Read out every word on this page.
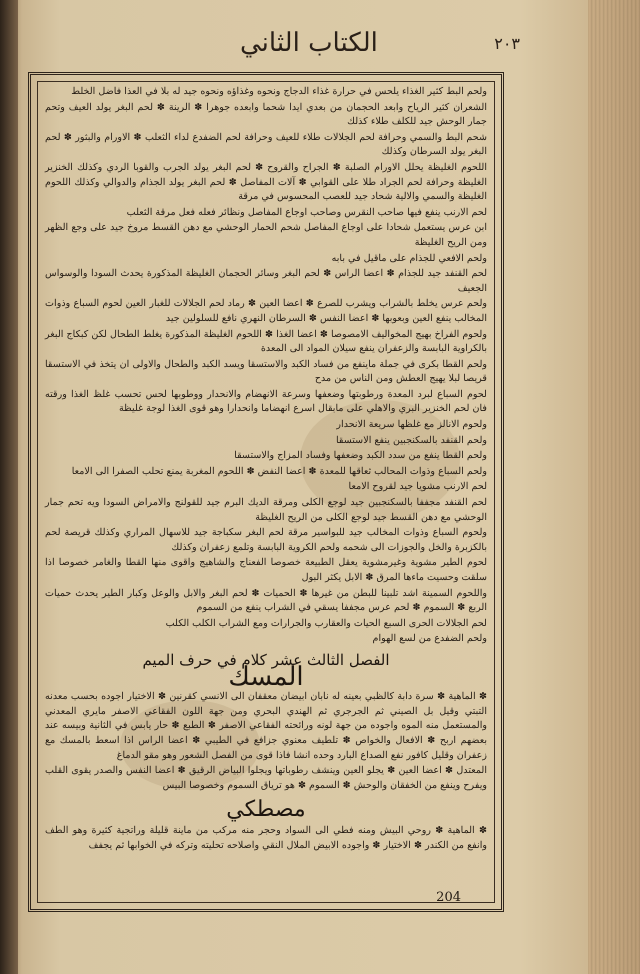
الكتاب الثاني	٢٠٣

ولحم البط كثير الغذاء يلحس في حرارة غذاء الدجاج ونحوه وغذاؤه ونحوه جيد له بلا في العذا فاضل الخلط

الشعران كثير الرياح وابعد الحجمان من بعدي ايدا شحما وابعده جوهرا ✽ الرينة ✽ لحم البغر يولد العيف وتحم جمار الوحش جيد للكلف طلاء كذلك

شحم البط والسمي وحرافة لحم الجلالات طلاء للعيف وحرافة لحم الضفدع لداء الثعلب ✽ الاورام والبثور ✽ لحم البغر يولد السرطان وكذلك

اللحوم الغليظة يحلل الاورام الصلبة ✽ الجراح والقروح ✽ لحم البغر يولد الجرب والقوبا الردي وكذلك الخنزير الغليظة وحرافة لحم الجراد طلا على القوابي ✽ آلات المفاصل ✽ لحم البغر يولد الجذام والدوالي وكذلك اللحوم الغليظة والسمي والالية شحاد جيد للعصب المحسوس في مرقة

لحم الارنب ينفع فيها صاحب النقرس وصاحب اوجاع المفاصل ونظائر فعله فعل مرقة الثعلب

ابن عرس يستعمل شحادا على اوجاع المفاصل شحم الحمار الوحشي مع دهن القسط مروخ جيد على وجع الظهر ومن الريح الغليظة

ولحم الافعي للجذام على ماقيل في بابه

لحم القنفد جيد للجذام ✽ اعضا الراس ✽ لحم البغر وسائر الحجمان الغليظة المذكورة يحدث السودا والوسواس الجعيف

ولحم عرس يخلط بالشراب ويشرب للصرع ✽ اعضا العين ✽ رماد لحم الجلالات للغبار العين لحوم السباع وذوات المخالب ينفع العين وبعوبها ✽ اعضا النفس ✽ السرطان النهري نافع للسلولين جيد

ولحوم الفراخ بهيج المخواليف الامصوصا ✽ اعضا الغذا ✽ اللحوم الغليظة المذكورة يغلط الطحال لكن كبكاج البغر بالكراوية البابسة والزعفران ينفع سيلان المواد الى المعدة

ولحم القطا بكرى في جملة ماينفع من فساد الكبد والاستسقا ويسد الكبد والطحال والاولى ان يتخذ في الاستسقا قريصا لبلا يهيج العطش ومن الناس من مدح

لحوم السباع لبرد المعدة ورطوبتها وضعفها وسرعة الانهضام والانحدار ووطوبها لحس تحسب غلظ الغذا ورقته فان لحم الخنزير البري والاهلي على مابقال اسرع انهضاما وانحدارا وهو قوى الغذا لوجة غليظة

ولحوم الانالز مع غلظها سريعة الانحدار

ولحم القنفد بالسكنجبين ينفع الاستسقا

ولحم القطا ينفع من سدد الكبد وضعفها وفساد المزاج والاستسقا

ولحم السباع وذوات المحالب ثعاقها للمعدة ✽ اعضا النفض ✽ اللحوم المغربة يمنع تحلب الصفرا الى الامعا

لحم الارنب مشويا جيد لقروح الامعا

لحم القنفد مجففا بالسكنجبين جيد لوجع الكلى ومرقة الديك البرم جيد للقولنج والامراض السودا ويه تحم جمار الوحشي مع دهن القسط جيد لوجع الكلى من الريح الغليظة

ولحوم السباع وذوات المخالب جيد للبواسير مرقة لحم البغر سكباجة جيد للاسهال المراري وكذلك قريصة لحم بالكزبرة والخل والجوزات الى شحمه ولحم الكروية البابسة وتلمع زعفران وكذلك

لحوم الطير مشوية وغيرمشوية يعقل الطبيعة خصوصا الفعناج والشاهيج واقوى منها القطا والغامر خصوصا اذا سلقت وحسيت ماءها المرق ✽ الابل يكثر البول

واللحوم السمينة اشد تلبينا للبطن من غيرها ✽ الحميات ✽ لحم البغر والابل والوعل وكبار الطير يحدث حميات الربع ✽ السموم ✽ لحم عرس مجففا يسقي في الشراب ينفع من السموم

لحم الجلالات الحرى السبع الحيات والعقارب والجرارات ومع الشراب الكلب الكلب

ولحم الضفدع من لسع الهوام

الفصل الثالث عشر كلام في حرف الميم
المسك

✽ الماهية ✽ سرة دابة كالظبي بعينه له نابان ابيضان معقفان الى الانسي كقرنين ✽ الاختيار اجوده بحسب معدنه التبتي وقيل بل الصيني ثم الجرجري ثم الهندي البحري ومن جهة اللون الفقاعي الاصفر مايري المعدني والمستعمل منه الموه واجوده من جهة لونه ورائحته الفقاعي الاصفر ✽ الطبع ✽ حار يابس في الثانية وبيسه عند بعضهم اربح ✽ الافعال والخواص ✽ تلطيف معنوي جزافع في الطيبي ✽ اعضا الراس اذا اسعط بالمسك مع زعفران وقليل كافور نفع الصداع البارد وحده انشا فاذا قوى من الفصل الشعور وهو مقو الدماغ

المعتدل ✽ اعضا العين ✽ يجلو العين وينشف رطوباتها ويجلوا البياض الرقيق ✽ اعضا النفس والصدر يقوى القلب ويفرح وينفع من الخفقان والوحش ✽ السموم ✽ هو ترياق السموم وخصوصا البيس

مصطكي

✽ الماهية ✽ روحي البيش ومنه فطي الى السواد وحجر منه مركب من ماينة قليلة وراتجية كثيرة وهو الطف وانفع من الكندر ✽ الاختيار ✽ واجوده الابيض الملال النقي واصلاحه تحليته وتركه في الخوابها ثم يجفف

204
